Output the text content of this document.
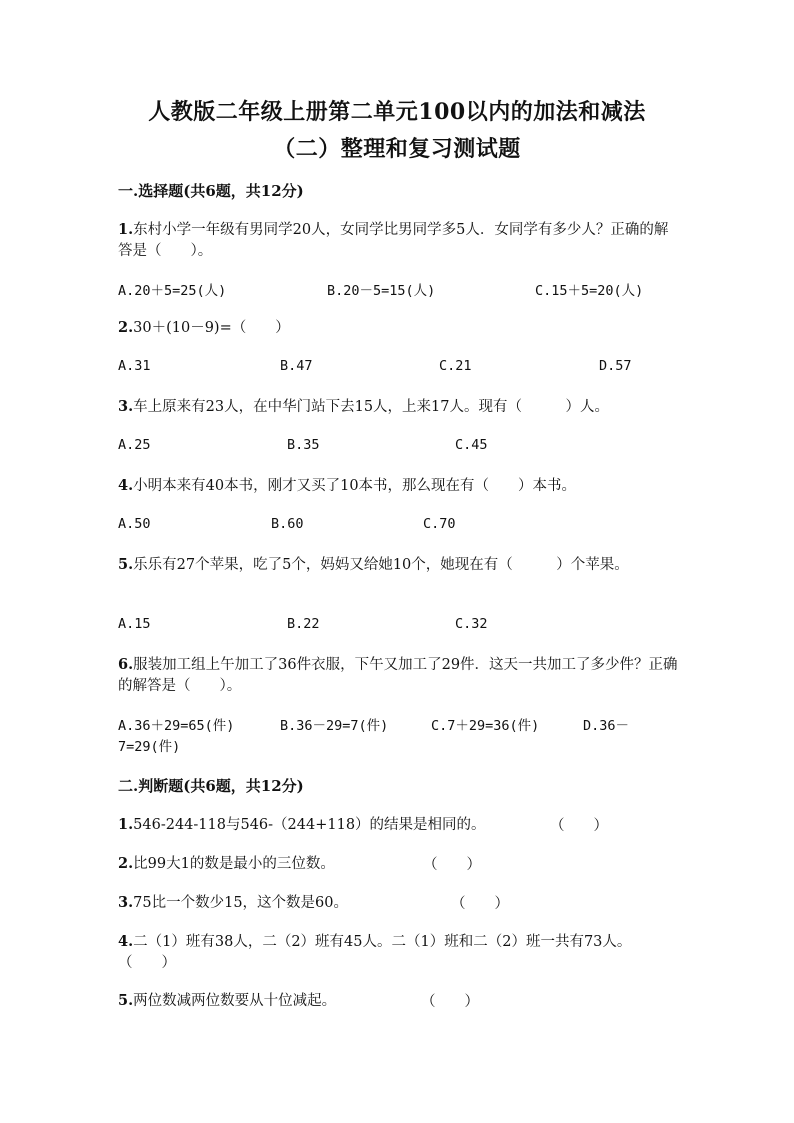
人教版二年级上册第二单元100以内的加法和减法
（二）整理和复习测试题
一.选择题(共6题，共12分)
1.东村小学一年级有男同学20人，女同学比男同学多5人．女同学有多少人？正确的解答是（　　）。
A.20＋5=25(人)	B.20－5=15(人)	C.15＋5=20(人)
2.30＋(10－9)=（　　）
A.31	B.47	C.21	D.57
3.车上原来有23人，在中华门站下去15人，上来17人。现有（　　　）人。
A.25	B.35	C.45
4.小明本来有40本书，刚才又买了10本书，那么现在有（　　）本书。
A.50	B.60	C.70
5.乐乐有27个苹果，吃了5个，妈妈又给她10个，她现在有（　　　）个苹果。
A.15	B.22	C.32
6.服装加工组上午加工了36件衣服，下午又加工了29件．这天一共加工了多少件？正确的解答是（　　）。
A.36＋29=65(件)	B.36－29=7(件)	C.7＋29=36(件)	D.36－
7=29(件)
二.判断题(共6题，共12分)
1.546-244-118与546-（244+118）的结果是相同的。	（　　）
2.比99大1的数是最小的三位数。	（　　）
3.75比一个数少15，这个数是60。	（　　）
4.二（1）班有38人，二（2）班有45人。二（1）班和二（2）班一共有73人。　（　　）
5.两位数减两位数要从十位减起。	（　　）
